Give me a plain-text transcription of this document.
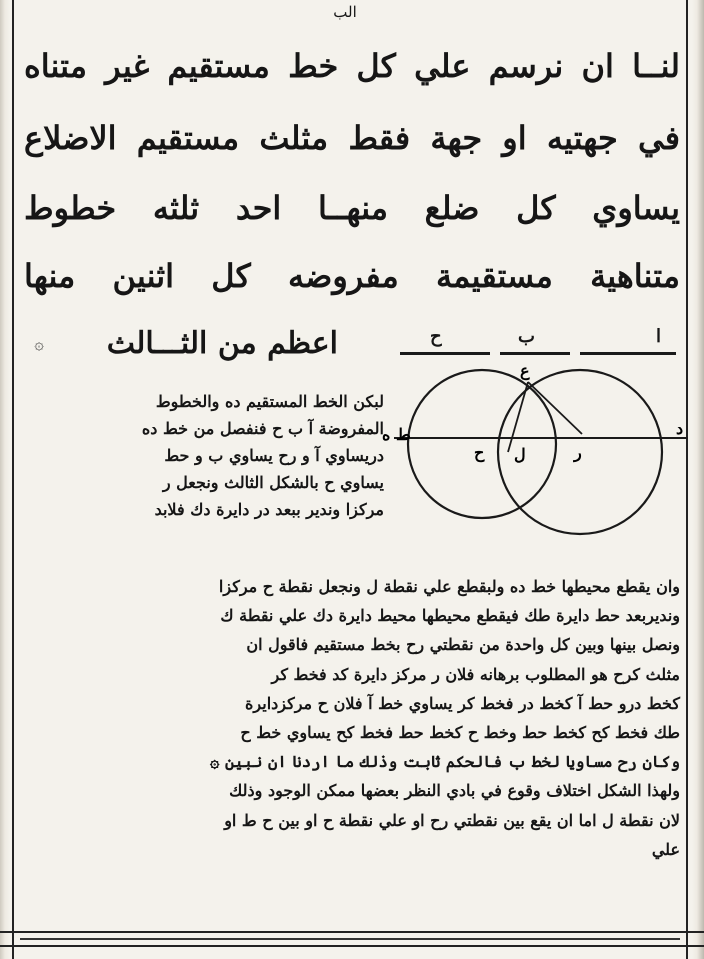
الب
لنــا ان نرسم علي كل خط مستقيم غير متناه
في جهتيه او جهة فقط مثلث مستقيم الاضلاع
يساوي كل ضلع منهــا احد ثلثه خطوط
متناهية مستقيمة مفروضه كل اثنين منها
اعظم من الثـــالث
۞	ا
ب
ح
ع
د
ط ه
ح ل	ر
لبكن الخط المستقيم ده والخطوط
المفروضة آ ب ح فنفصل من خط ده
دريساوي آ و رح يساوي ب و حط
يساوي ح بالشكل الثالث ونجعل ر
مركزا وندير ببعد در دايرة دك فلابد
وان يقطع محيطها خط ده ولبقطع علي نقطة ل ونجعل نقطة ح مركزا
ونديربعد حط دايرة طك فيقطع محيطها محيط دايرة دك علي نقطة ك
ونصل بينها وبين كل واحدة من نقطتي رح بخط مستقيم فاقول ان
مثلث كرح هو المطلوب برهانه فلان ر مركز دايرة كد فخط كر
كخط درو حط آ كخط در فخط كر يساوي خط آ فلان ح مركزدايرة
طك فخط كح كخط حط وخط ح كخط حط فخط كح يساوي خط ح
وكان رح مساويا لخط ب فالحكم ثابت وذلك ما اردنا ان نبين ۞
ولهذا الشكل اختلاف وقوع في بادي النظر بعضها ممكن الوجود وذلك
لان نقطة ل اما ان يقع بين نقطتي رح او علي نقطة ح او بين ح ط او
علي
